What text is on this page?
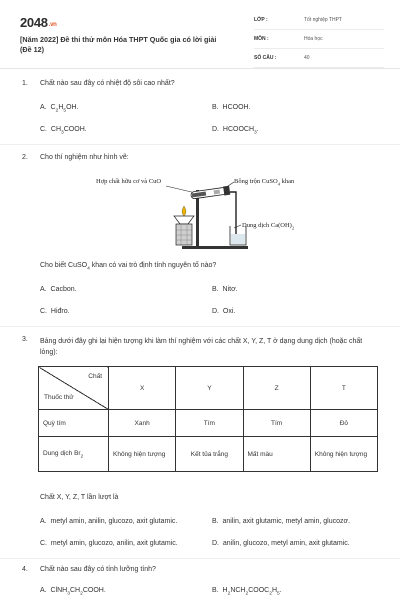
2048.vn
[Năm 2022] Đề thi thử môn Hóa THPT Quốc gia có lời giải (Đề 12)
LỚP :	Tốt nghiệp THPT
MÔN :	Hóa học
SỐ CÂU :	40
1. Chất nào sau đây có nhiệt độ sôi cao nhất?
A. $C_2H_5OH$.	B. HCOOH.
C. $CH_3COOH$.	D. $HCOOCH_3$.
2. Cho thí nghiệm như hình vẽ:
Hợp chất hữu cơ và CuO	Bông trộn CuSO$_4$ khan
Dung dịch $Ca(OH)_2$
Cho biết CuSO$_4$ khan có vai trò định tính nguyên tố nào?
A. Cacbon.	B. Nitơ.
C. Hiđro.	D. Oxi.
3. Bảng dưới đây ghi lại hiện tượng khi làm thí nghiệm với các chất X, Y, Z, T ở dạng dung dịch (hoặc chất lỏng):
Chất
Thuốc thử	X	Y	Z	T
Quỳ tím	Xanh	Tím	Tím	Đỏ
Dung dịch $Br_2$	Không hiện tượng	Kết tủa trắng	Mất màu	Không hiện tượng
Chất X, Y, Z, T lần lượt là
A. metyl amin, anilin, glucozo, axit glutamic.	B. anilin, axit glutamic, metyl amin, glucozơ.
C. metyl amin, glucozo, anilin, axit glutamic.	D. anilin, glucozo, metyl amin, axit glutamic.
4. Chất nào sau đây có tính lưỡng tính?
A. $ClNH_3CH_2COOH$.	B. $H_2NCH_2COOC_2H_5$.
